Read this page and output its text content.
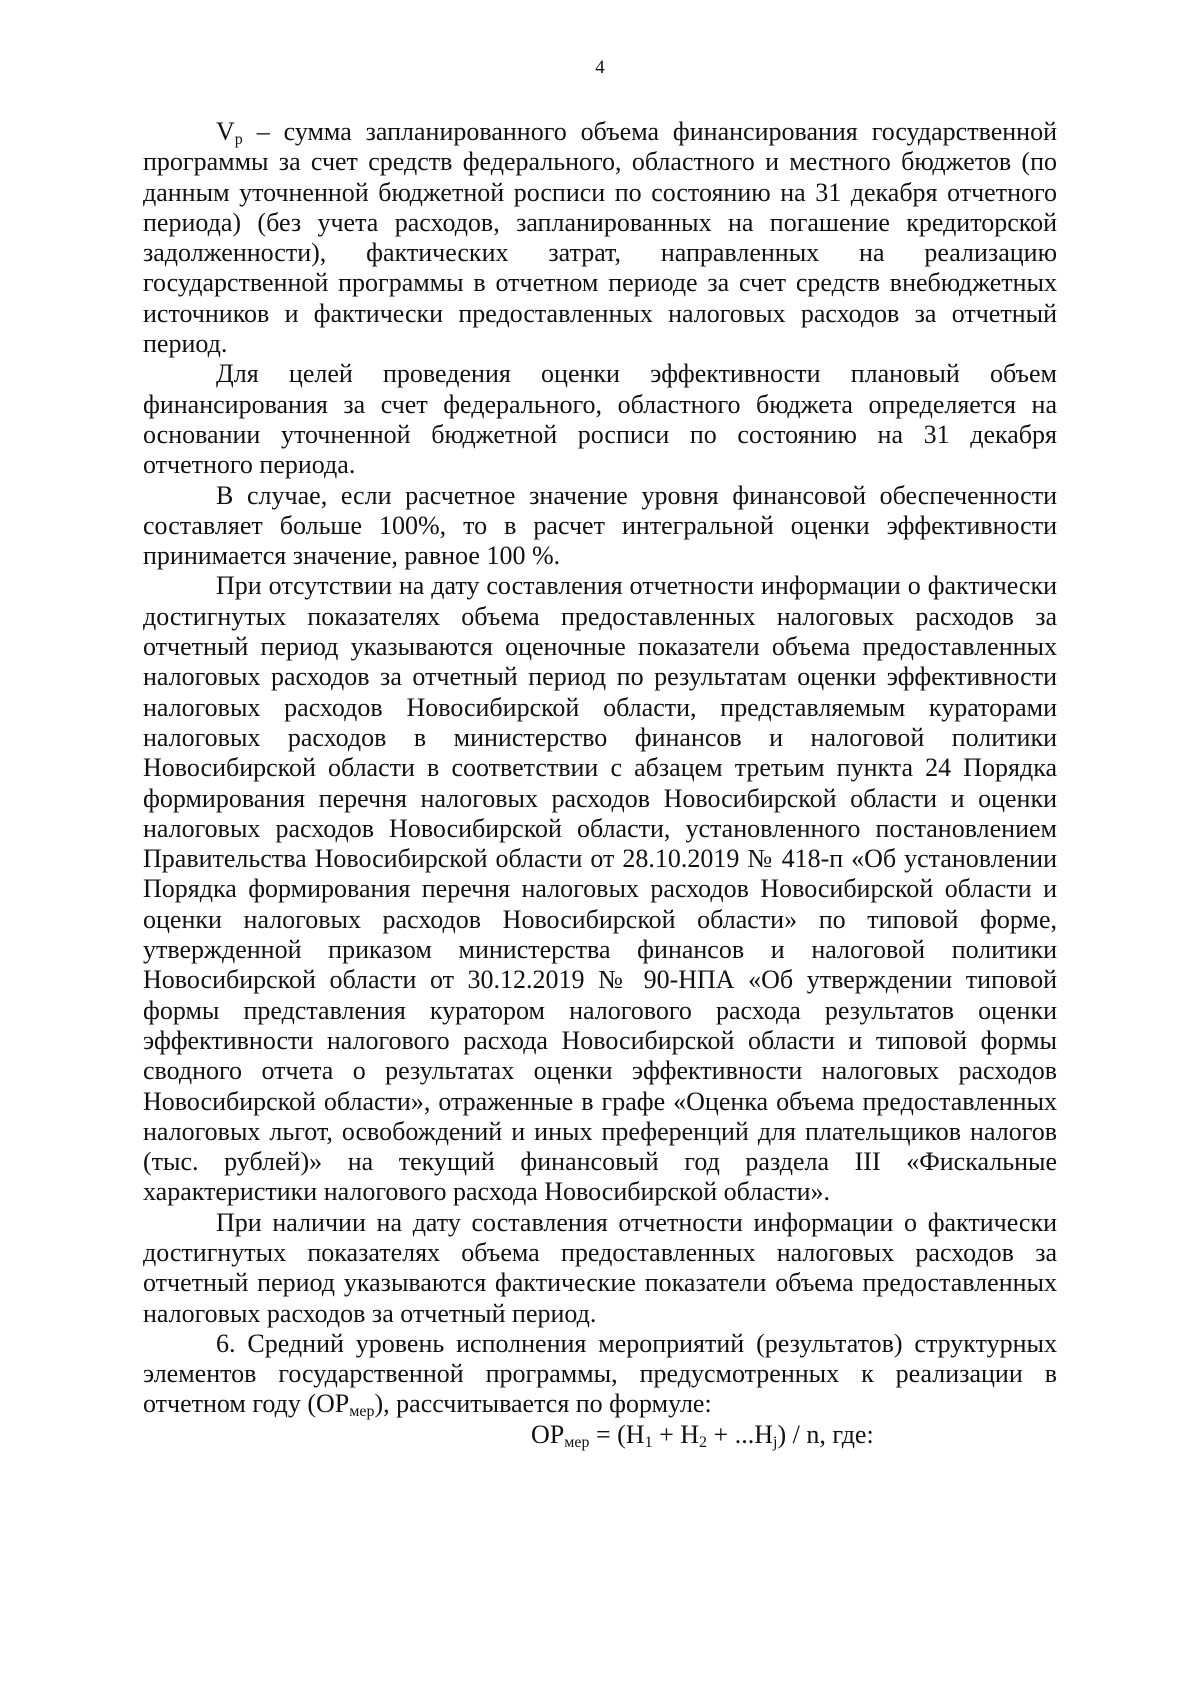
4

$V_p$ – сумма запланированного объема финансирования государственной программы за счет средств федерального, областного и местного бюджетов (по данным уточненной бюджетной росписи по состоянию на 31 декабря отчетного периода) (без учета расходов, запланированных на погашение кредиторской задолженности), фактических затрат, направленных на реализацию государственной программы в отчетном периоде за счет средств внебюджетных источников и фактически предоставленных налоговых расходов за отчетный период.

Для целей проведения оценки эффективности плановый объем финансирования за счет федерального, областного бюджета определяется на основании уточненной бюджетной росписи по состоянию на 31 декабря отчетного периода.

В случае, если расчетное значение уровня финансовой обеспеченности составляет больше 100%, то в расчет интегральной оценки эффективности принимается значение, равное 100 %.

При отсутствии на дату составления отчетности информации о фактически достигнутых показателях объема предоставленных налоговых расходов за отчетный период указываются оценочные показатели объема предоставленных налоговых расходов за отчетный период по результатам оценки эффективности налоговых расходов Новосибирской области, представляемым кураторами налоговых расходов в министерство финансов и налоговой политики Новосибирской области в соответствии с абзацем третьим пункта 24 Порядка формирования перечня налоговых расходов Новосибирской области и оценки налоговых расходов Новосибирской области, установленного постановлением Правительства Новосибирской области от 28.10.2019 № 418-п «Об установлении Порядка формирования перечня налоговых расходов Новосибирской области и оценки налоговых расходов Новосибирской области» по типовой форме, утвержденной приказом министерства финансов и налоговой политики Новосибирской области от 30.12.2019 № 90-НПА «Об утверждении типовой формы представления куратором налогового расхода результатов оценки эффективности налогового расхода Новосибирской области и типовой формы сводного отчета о результатах оценки эффективности налоговых расходов Новосибирской области», отраженные в графе «Оценка объема предоставленных налоговых льгот, освобождений и иных преференций для плательщиков налогов (тыс. рублей)» на текущий финансовый год раздела III «Фискальные характеристики налогового расхода Новосибирской области».

При наличии на дату составления отчетности информации о фактически достигнутых показателях объема предоставленных налоговых расходов за отчетный период указываются фактические показатели объема предоставленных налоговых расходов за отчетный период.

6. Средний уровень исполнения мероприятий (результатов) структурных элементов государственной программы, предусмотренных к реализации в отчетном году $(ОР_{мер})$, рассчитывается по формуле:

$ОР_{мер} = (Н_1 + Н_2 + ...Н_j) / n$, где:
